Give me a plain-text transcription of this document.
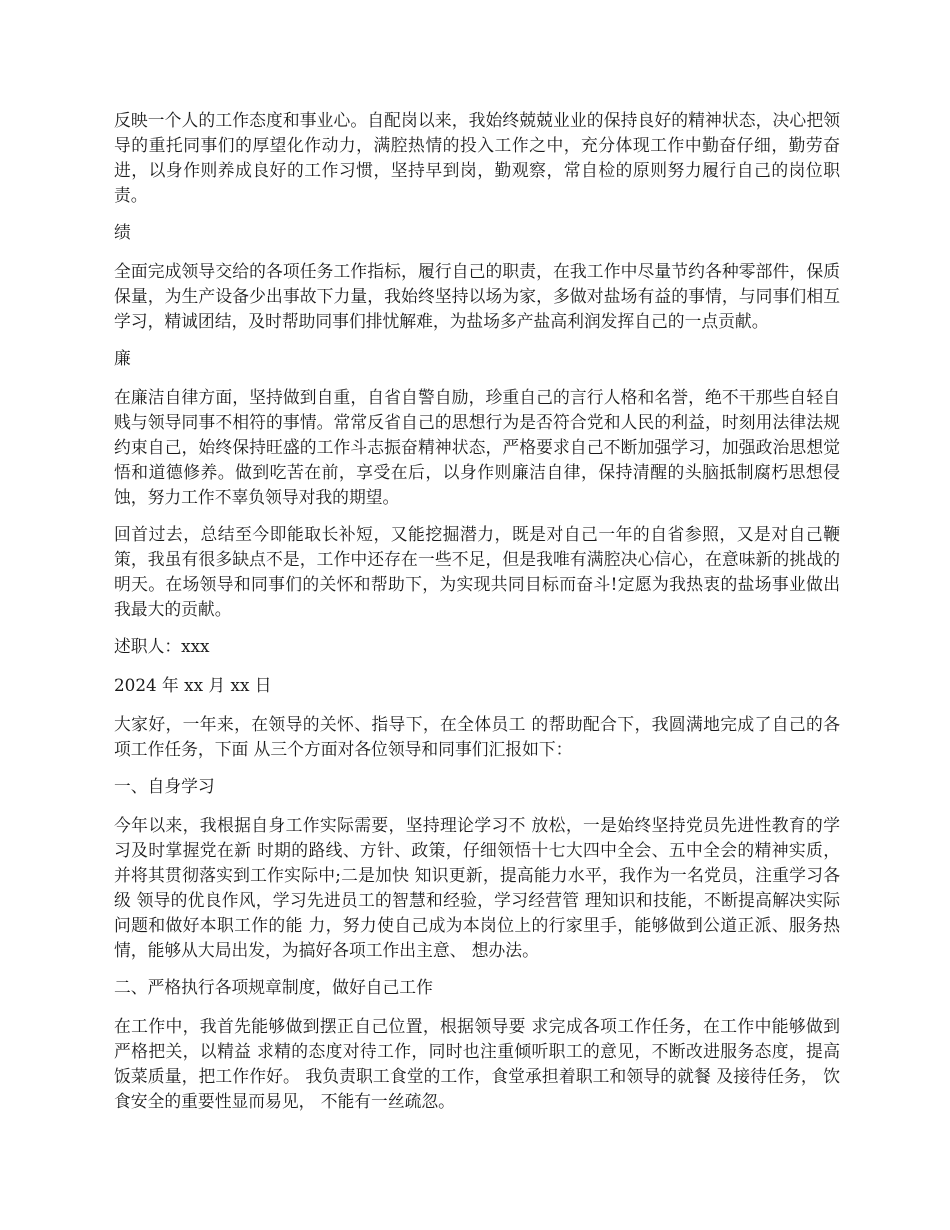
反映一个人的工作态度和事业心。自配岗以来，我始终兢兢业业的保持良好的精神状态，决心把领导的重托同事们的厚望化作动力，满腔热情的投入工作之中，充分体现工作中勤奋仔细，勤劳奋进，以身作则养成良好的工作习惯，坚持早到岗，勤观察，常自检的原则努力履行自己的岗位职责。

绩

全面完成领导交给的各项任务工作指标，履行自己的职责，在我工作中尽量节约各种零部件，保质保量，为生产设备少出事故下力量，我始终坚持以场为家，多做对盐场有益的事情，与同事们相互学习，精诚团结，及时帮助同事们排忧解难，为盐场多产盐高利润发挥自己的一点贡献。

廉

在廉洁自律方面，坚持做到自重，自省自警自励，珍重自己的言行人格和名誉，绝不干那些自轻自贱与领导同事不相符的事情。常常反省自己的思想行为是否符合党和人民的利益，时刻用法律法规约束自己，始终保持旺盛的工作斗志振奋精神状态，严格要求自己不断加强学习，加强政治思想觉悟和道德修养。做到吃苦在前，享受在后，以身作则廉洁自律，保持清醒的头脑抵制腐朽思想侵蚀，努力工作不辜负领导对我的期望。

回首过去，总结至今即能取长补短，又能挖掘潜力，既是对自己一年的自省参照，又是对自己鞭策，我虽有很多缺点不是，工作中还存在一些不足，但是我唯有满腔决心信心，在意味新的挑战的明天。在场领导和同事们的关怀和帮助下，为实现共同目标而奋斗!定愿为我热衷的盐场事业做出我最大的贡献。

述职人：xxx

2024 年 xx 月 xx 日

大家好，一年来，在领导的关怀、指导下，在全体员工 的帮助配合下，我圆满地完成了自己的各项工作任务，下面 从三个方面对各位领导和同事们汇报如下：

一、自身学习

今年以来，我根据自身工作实际需要，坚持理论学习不 放松，一是始终坚持党员先进性教育的学习及时掌握党在新 时期的路线、方针、政策，仔细领悟十七大四中全会、五中全会的精神实质，并将其贯彻落实到工作实际中;二是加快 知识更新，提高能力水平，我作为一名党员，注重学习各级 领导的优良作风，学习先进员工的智慧和经验，学习经营管 理知识和技能，不断提高解决实际问题和做好本职工作的能 力，努力使自己成为本岗位上的行家里手，能够做到公道正派、服务热情，能够从大局出发，为搞好各项工作出主意、 想办法。

二、严格执行各项规章制度，做好自己工作

在工作中，我首先能够做到摆正自己位置，根据领导要 求完成各项工作任务，在工作中能够做到严格把关，以精益 求精的态度对待工作，同时也注重倾听职工的意见，不断改进服务态度，提高饭菜质量，把工作作好。 我负责职工食堂的工作，食堂承担着职工和领导的就餐 及接待任务， 饮食安全的重要性显而易见， 不能有一丝疏忽。
